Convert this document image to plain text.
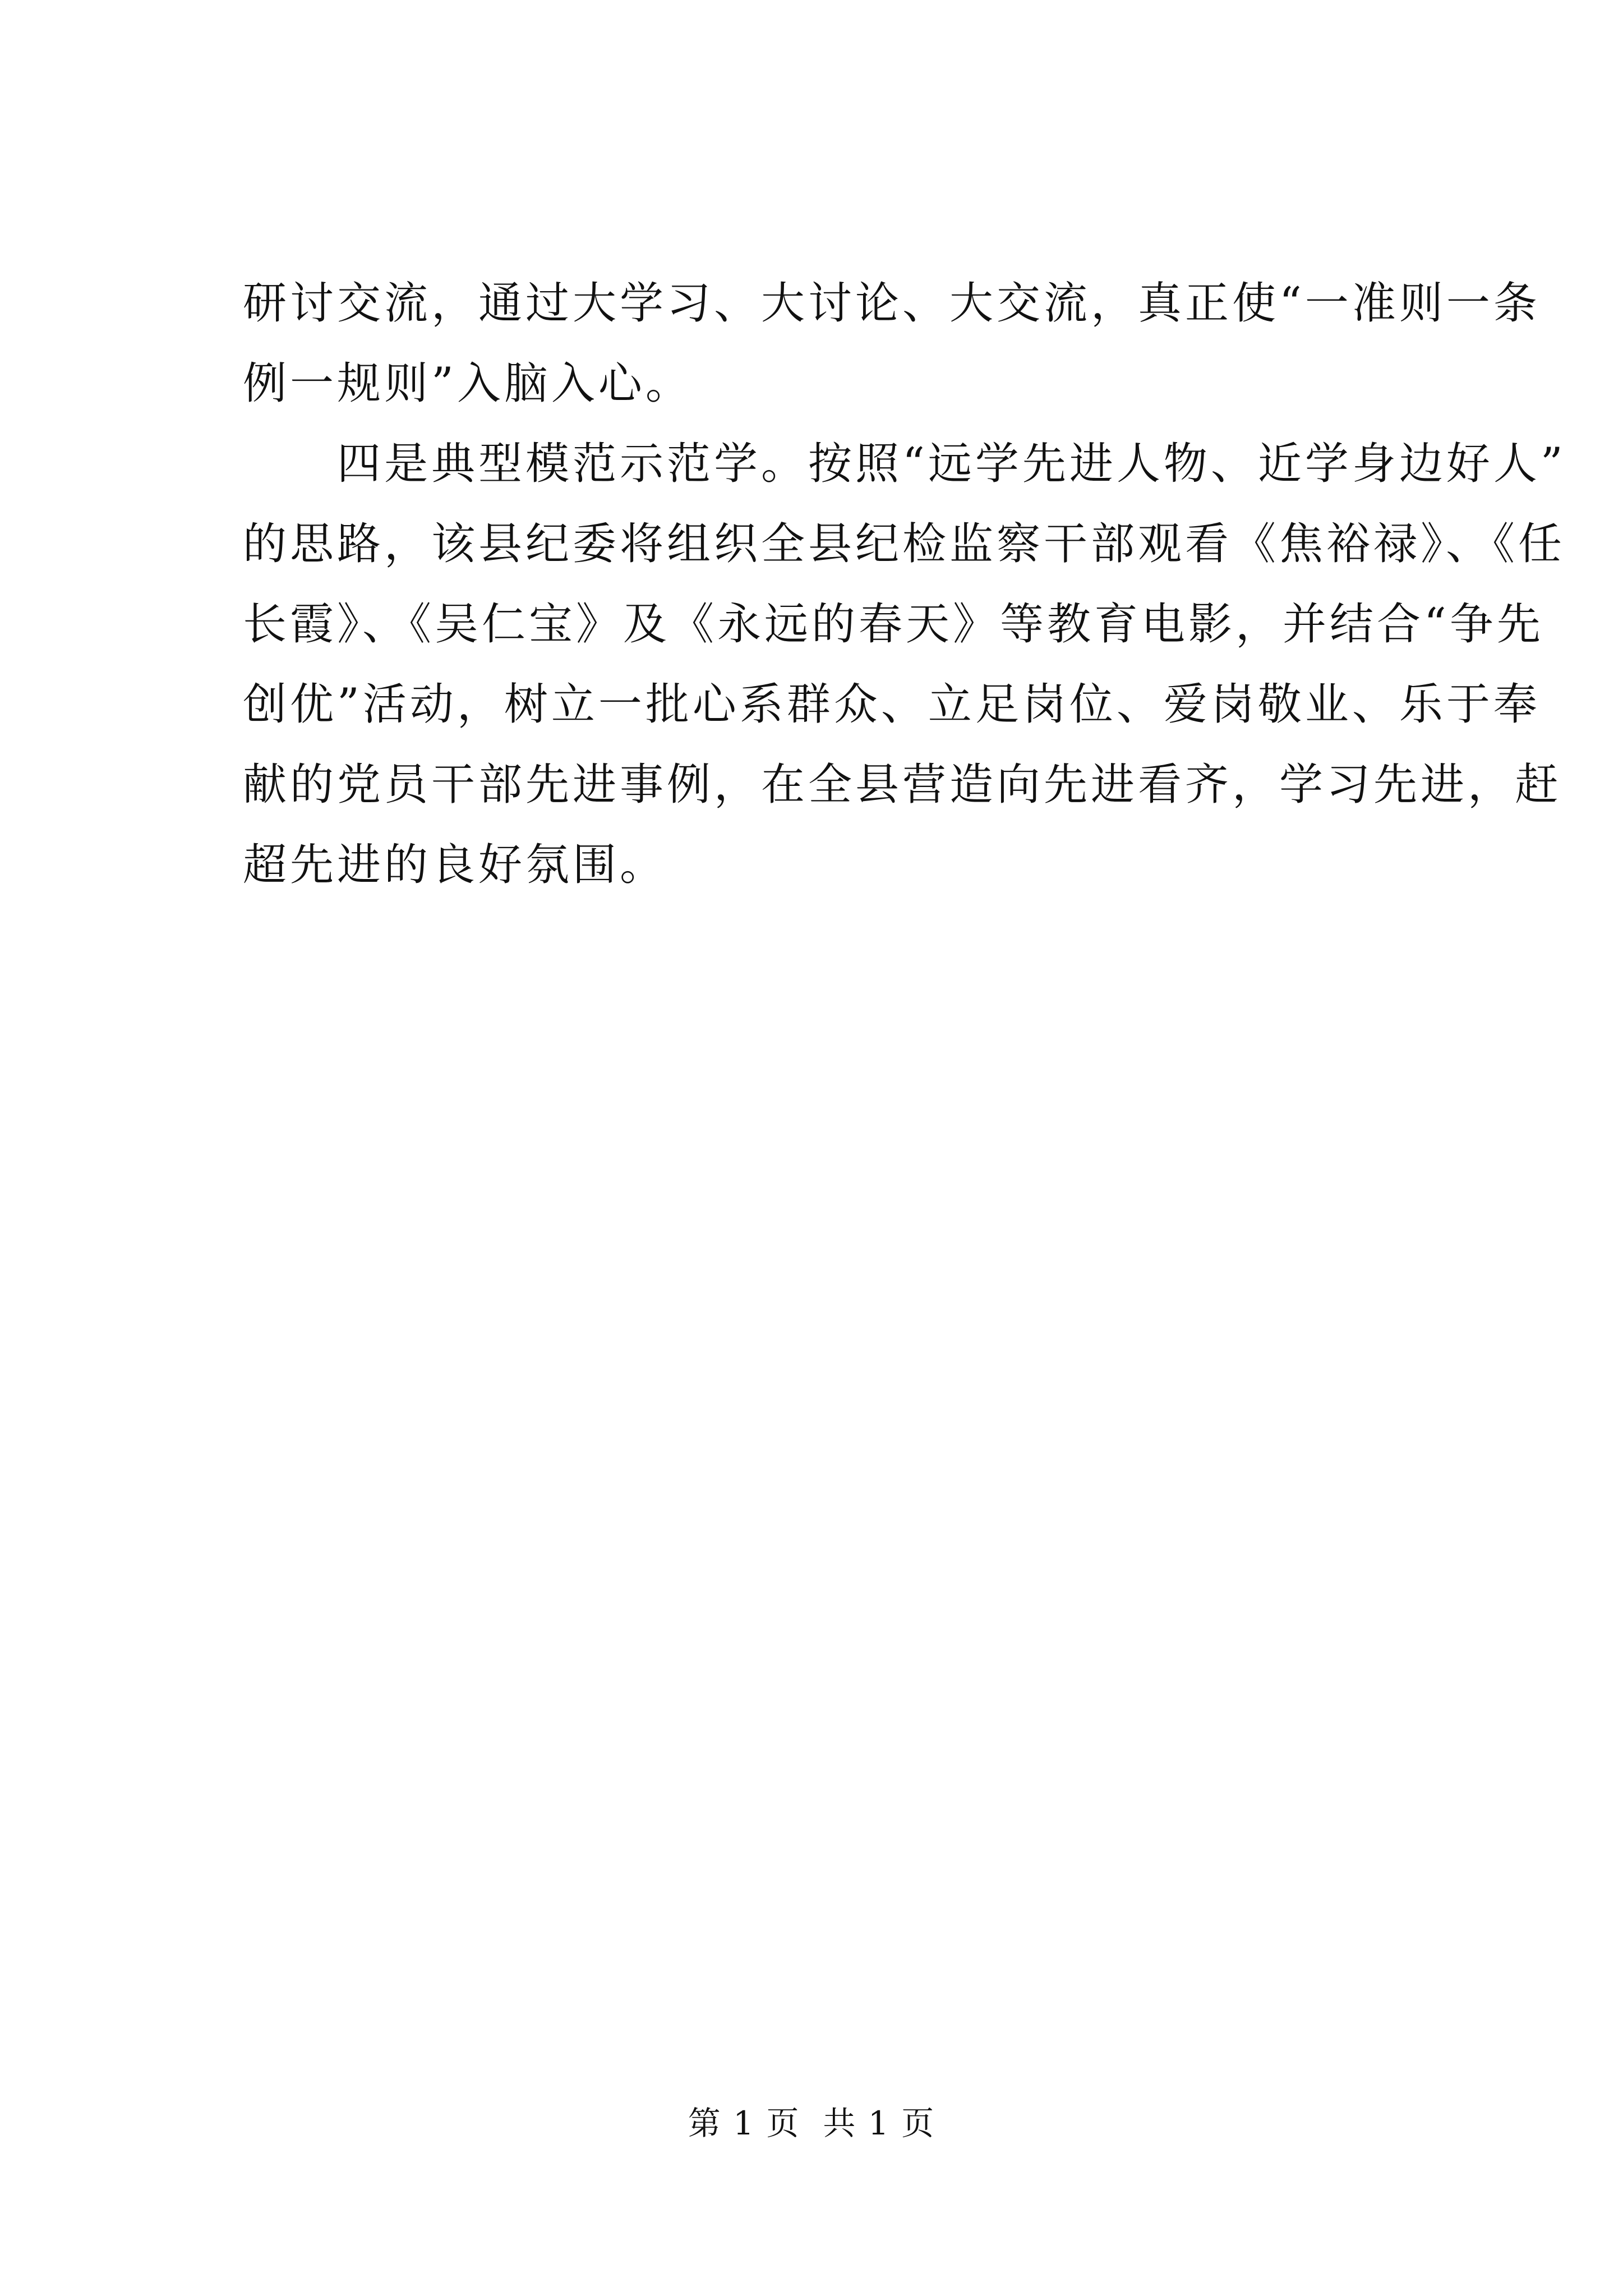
研讨交流，通过大学习、大讨论、大交流，真正使“一准则一条
例一规则”入脑入心。
　　四是典型模范示范学。按照“远学先进人物、近学身边好人”
的思路，该县纪委将组织全县纪检监察干部观看《焦裕禄》、《任
长霞》、《吴仁宝》及《永远的春天》等教育电影，并结合“争先
创优”活动，树立一批心系群众、立足岗位、爱岗敬业、乐于奉
献的党员干部先进事例，在全县营造向先进看齐，学习先进，赶
超先进的良好氛围。
第 1 页  共 1 页
